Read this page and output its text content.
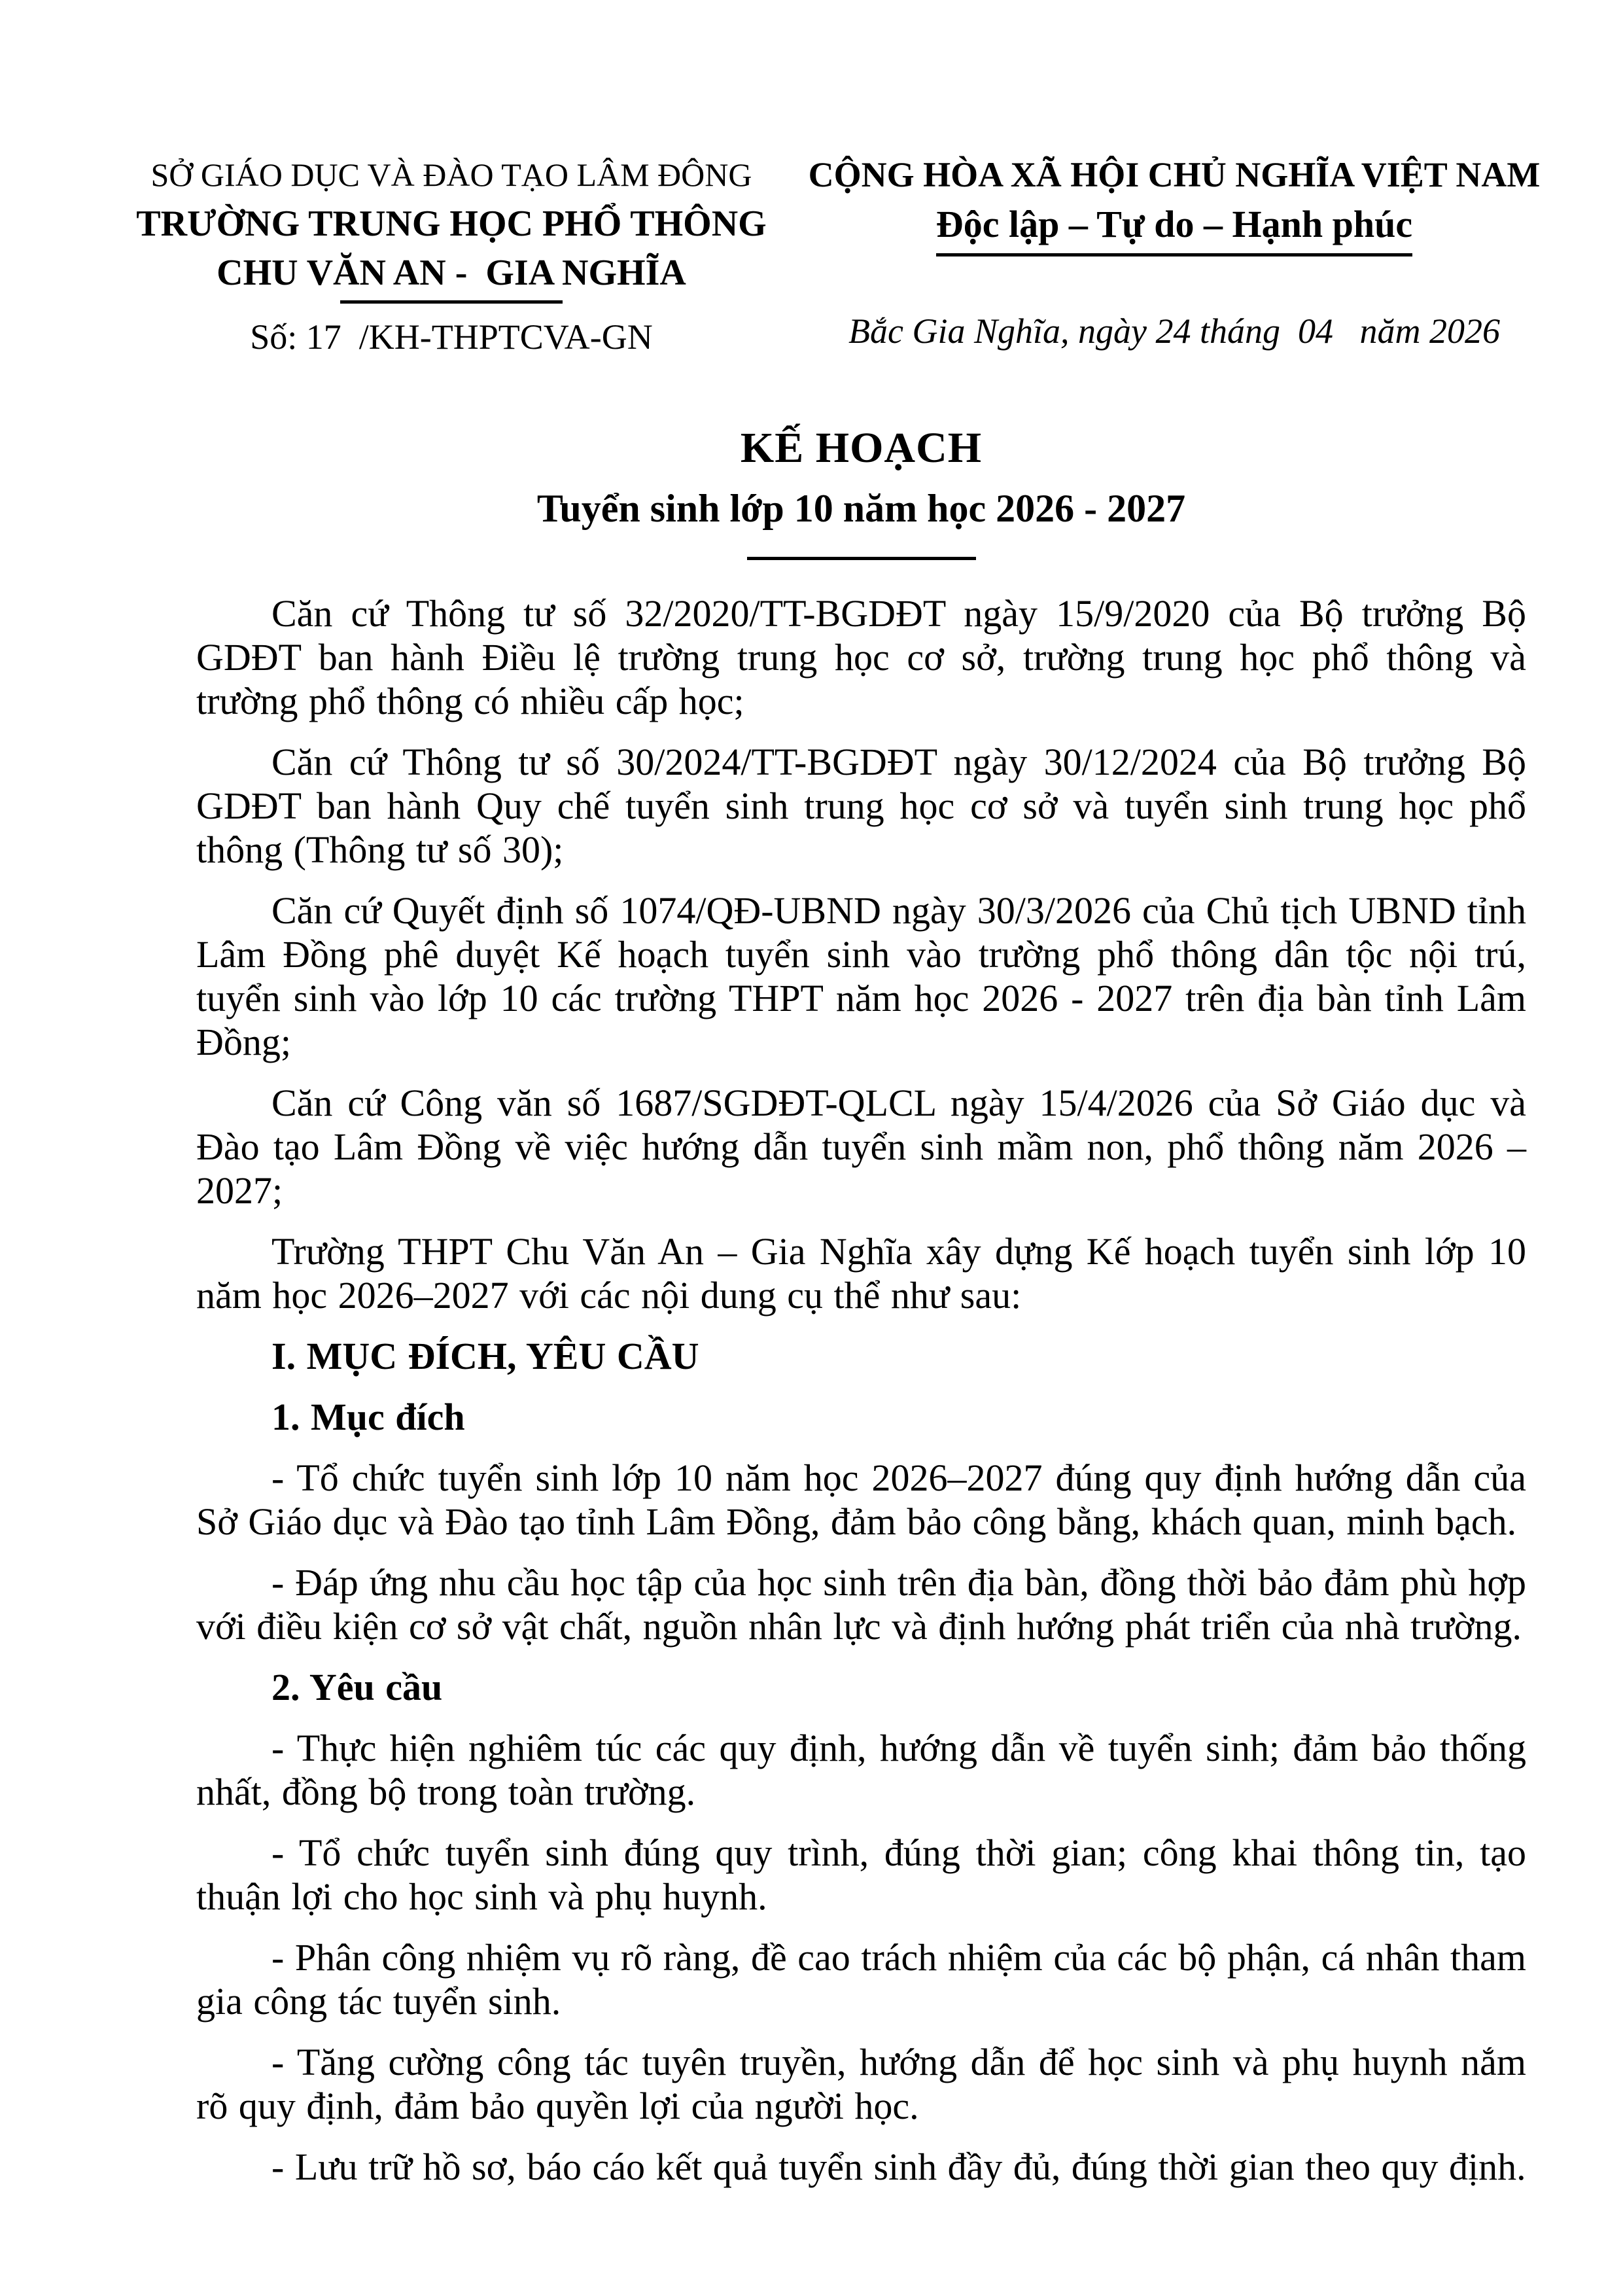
SỞ GIÁO DỤC VÀ ĐÀO TẠO LÂM ĐÔNG
TRƯỜNG TRUNG HỌC PHỔ THÔNG
CHU VĂN AN -  GIA NGHĨA
Số: 17  /KH-THPTCVA-GN
CỘNG HÒA XÃ HỘI CHỦ NGHĨA VIỆT NAM
Độc lập – Tự do – Hạnh phúc
Bắc Gia Nghĩa, ngày 24 tháng  04   năm 2026
KẾ HOẠCH
Tuyển sinh lớp 10 năm học 2026 - 2027

Căn cứ Thông tư số 32/2020/TT-BGDĐT ngày 15/9/2020 của Bộ trưởng Bộ GDĐT ban hành Điều lệ trường trung học cơ sở, trường trung học phổ thông và trường phổ thông có nhiều cấp học;

Căn cứ Thông tư số 30/2024/TT-BGDĐT ngày 30/12/2024 của Bộ trưởng Bộ GDĐT ban hành Quy chế tuyển sinh trung học cơ sở và tuyển sinh trung học phổ thông (Thông tư số 30);

Căn cứ Quyết định số 1074/QĐ-UBND ngày 30/3/2026 của Chủ tịch UBND tỉnh Lâm Đồng phê duyệt Kế hoạch tuyển sinh vào trường phổ thông dân tộc nội trú, tuyển sinh vào lớp 10 các trường THPT năm học 2026 - 2027 trên địa bàn tỉnh Lâm Đồng;

Căn cứ Công văn số 1687/SGDĐT-QLCL ngày 15/4/2026 của Sở Giáo dục và Đào tạo Lâm Đồng về việc hướng dẫn tuyển sinh mầm non, phổ thông năm 2026 – 2027;

Trường THPT Chu Văn An – Gia Nghĩa xây dựng Kế hoạch tuyển sinh lớp 10 năm học 2026–2027 với các nội dung cụ thể như sau:

I. MỤC ĐÍCH, YÊU CẦU

1. Mục đích

- Tổ chức tuyển sinh lớp 10 năm học 2026–2027 đúng quy định hướng dẫn của Sở Giáo dục và Đào tạo tỉnh Lâm Đồng, đảm bảo công bằng, khách quan, minh bạch.

- Đáp ứng nhu cầu học tập của học sinh trên địa bàn, đồng thời bảo đảm phù hợp với điều kiện cơ sở vật chất, nguồn nhân lực và định hướng phát triển của nhà trường.

2. Yêu cầu

- Thực hiện nghiêm túc các quy định, hướng dẫn về tuyển sinh; đảm bảo thống nhất, đồng bộ trong toàn trường.

- Tổ chức tuyển sinh đúng quy trình, đúng thời gian; công khai thông tin, tạo thuận lợi cho học sinh và phụ huynh.

- Phân công nhiệm vụ rõ ràng, đề cao trách nhiệm của các bộ phận, cá nhân tham gia công tác tuyển sinh.

- Tăng cường công tác tuyên truyền, hướng dẫn để học sinh và phụ huynh nắm rõ quy định, đảm bảo quyền lợi của người học.

- Lưu trữ hồ sơ, báo cáo kết quả tuyển sinh đầy đủ, đúng thời gian theo quy định.
